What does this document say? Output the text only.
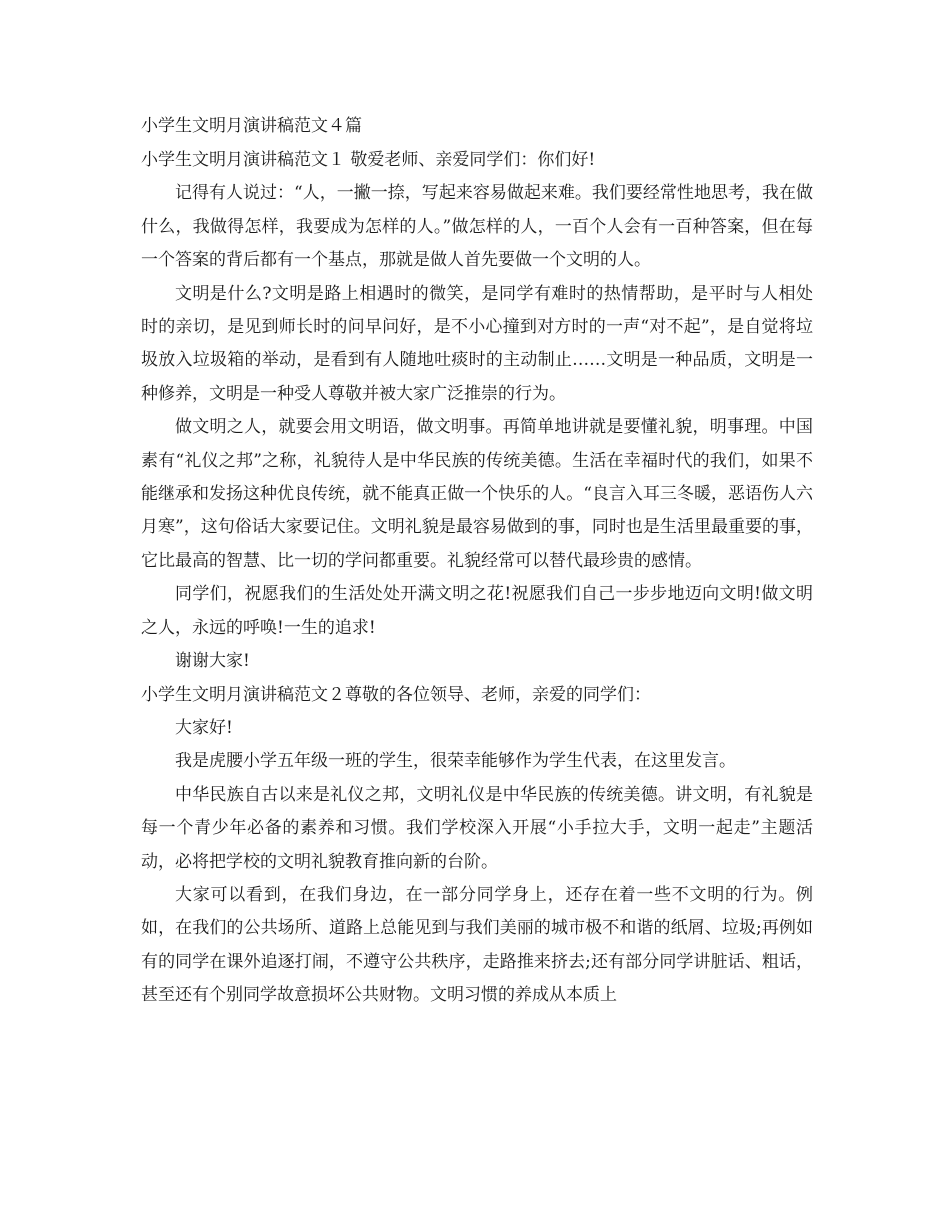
小学生文明月演讲稿范文４篇

小学生文明月演讲稿范文１ 敬爱老师、亲爱同学们：你们好!

记得有人说过：“人，一撇一捺，写起来容易做起来难。我们要经常性地思考，我在做什么，我做得怎样，我要成为怎样的人。”做怎样的人，一百个人会有一百种答案，但在每一个答案的背后都有一个基点，那就是做人首先要做一个文明的人。

文明是什么?文明是路上相遇时的微笑，是同学有难时的热情帮助，是平时与人相处时的亲切，是见到师长时的问早问好，是不小心撞到对方时的一声“对不起”，是自觉将垃圾放入垃圾箱的举动，是看到有人随地吐痰时的主动制止……文明是一种品质，文明是一种修养，文明是一种受人尊敬并被大家广泛推崇的行为。

做文明之人，就要会用文明语，做文明事。再简单地讲就是要懂礼貌，明事理。中国素有“礼仪之邦”之称，礼貌待人是中华民族的传统美德。生活在幸福时代的我们，如果不能继承和发扬这种优良传统，就不能真正做一个快乐的人。“良言入耳三冬暖，恶语伤人六月寒”，这句俗话大家要记住。文明礼貌是最容易做到的事，同时也是生活里最重要的事，它比最高的智慧、比一切的学问都重要。礼貌经常可以替代最珍贵的感情。

同学们，祝愿我们的生活处处开满文明之花!祝愿我们自己一步步地迈向文明!做文明之人，永远的呼唤!一生的追求!

谢谢大家!

小学生文明月演讲稿范文２尊敬的各位领导、老师，亲爱的同学们：

大家好!

我是虎腰小学五年级一班的学生，很荣幸能够作为学生代表，在这里发言。

中华民族自古以来是礼仪之邦，文明礼仪是中华民族的传统美德。讲文明，有礼貌是每一个青少年必备的素养和习惯。我们学校深入开展“小手拉大手，文明一起走”主题活动，必将把学校的文明礼貌教育推向新的台阶。

大家可以看到，在我们身边，在一部分同学身上，还存在着一些不文明的行为。例如，在我们的公共场所、道路上总能见到与我们美丽的城市极不和谐的纸屑、垃圾;再例如有的同学在课外追逐打闹，不遵守公共秩序，走路推来挤去;还有部分同学讲脏话、粗话，甚至还有个别同学故意损坏公共财物。文明习惯的养成从本质上
